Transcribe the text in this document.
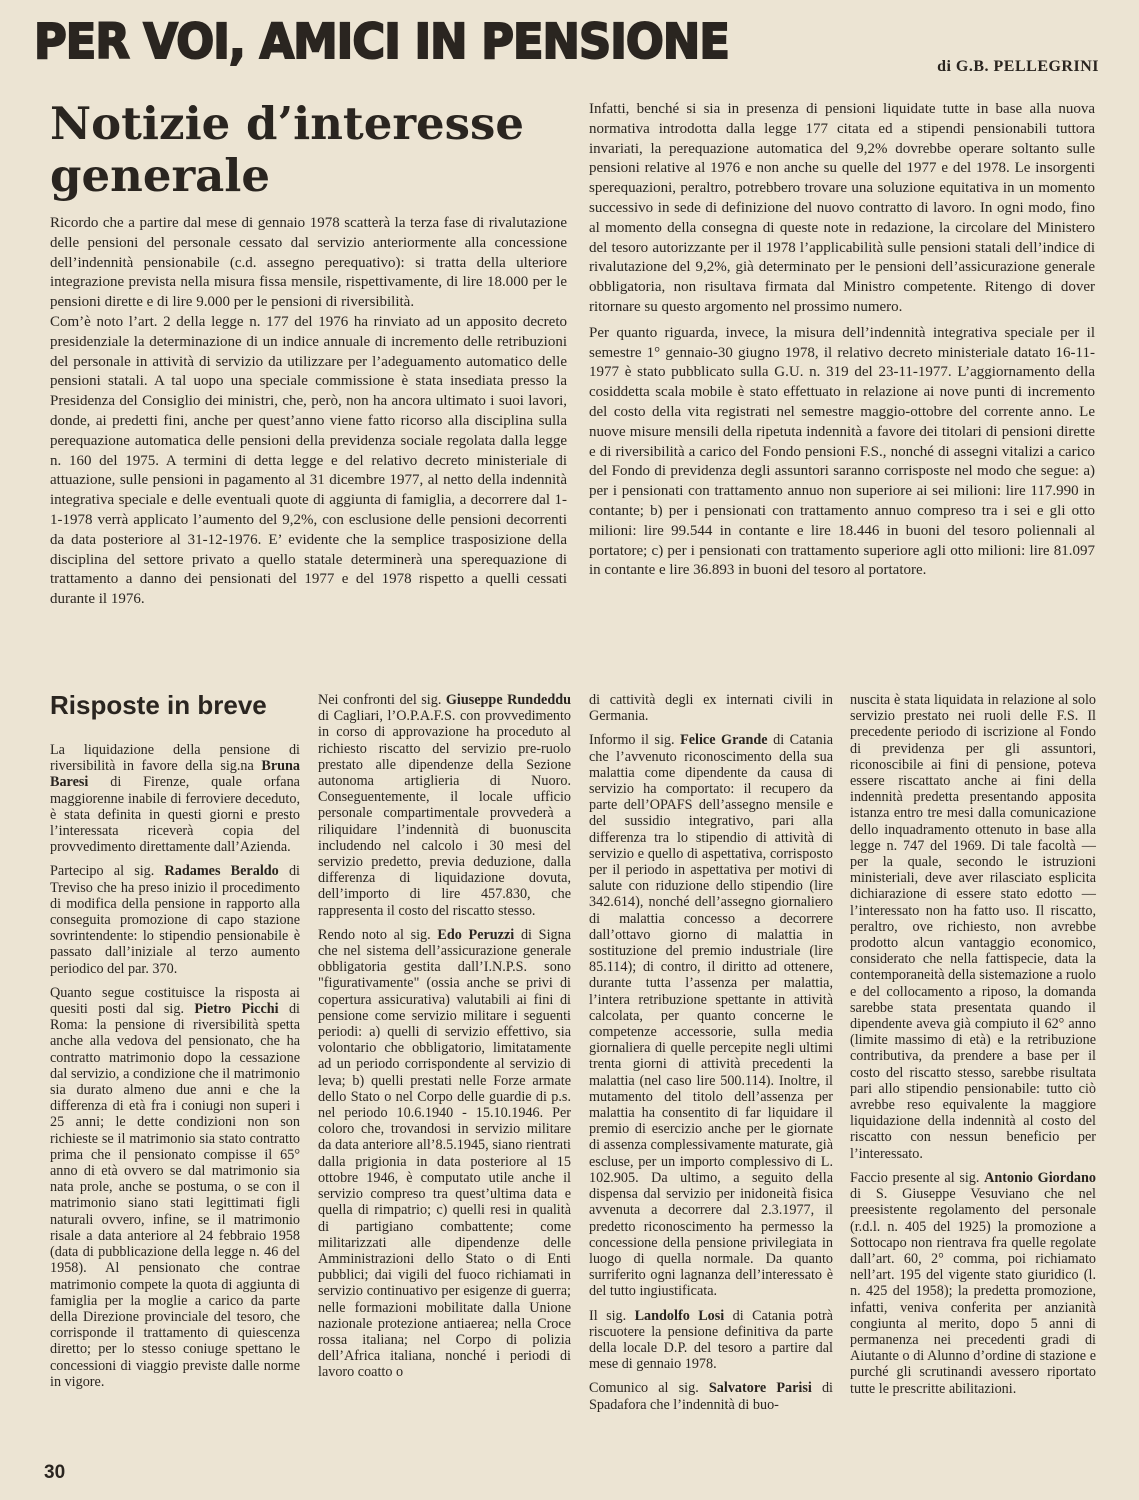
PER VOI, AMICI IN PENSIONE	di G.B. PELLEGRINI
Notizie d’interesse generale

Ricordo che a partire dal mese di gennaio 1978 scatterà la terza fase di rivalutazione delle pensioni del personale cessato dal servizio anteriormente alla concessione dell’indennità pensionabile (c.d. assegno perequativo): si tratta della ulteriore integrazione prevista nella misura fissa mensile, rispettivamente, di lire 18.000 per le pensioni dirette e di lire 9.000 per le pensioni di riversibilità.

Com’è noto l’art. 2 della legge n. 177 del 1976 ha rinviato ad un apposito decreto presidenziale la determinazione di un indice annuale di incremento delle retribuzioni del personale in attività di servizio da utilizzare per l’adeguamento automatico delle pensioni statali. A tal uopo una speciale commissione è stata insediata presso la Presidenza del Consiglio dei ministri, che, però, non ha ancora ultimato i suoi lavori, donde, ai predetti fini, anche per quest’anno viene fatto ricorso alla disciplina sulla perequazione automatica delle pensioni della previdenza sociale regolata dalla legge n. 160 del 1975. A termini di detta legge e del relativo decreto ministeriale di attuazione, sulle pensioni in pagamento al 31 dicembre 1977, al netto della indennità integrativa speciale e delle eventuali quote di aggiunta di famiglia, a decorrere dal 1-1-1978 verrà applicato l’aumento del 9,2%, con esclusione delle pensioni decorrenti da data posteriore al 31-12-1976. E’ evidente che la semplice trasposizione della disciplina del settore privato a quello statale determinerà una sperequazione di trattamento a danno dei pensionati del 1977 e del 1978 rispetto a quelli cessati durante il 1976.

Infatti, benché si sia in presenza di pensioni liquidate tutte in base alla nuova normativa introdotta dalla legge 177 citata ed a stipendi pensionabili tuttora invariati, la perequazione automatica del 9,2% dovrebbe operare soltanto sulle pensioni relative al 1976 e non anche su quelle del 1977 e del 1978. Le insorgenti sperequazioni, peraltro, potrebbero trovare una soluzione equitativa in un momento successivo in sede di definizione del nuovo contratto di lavoro. In ogni modo, fino al momento della consegna di queste note in redazione, la circolare del Ministero del tesoro autorizzante per il 1978 l’applicabilità sulle pensioni statali dell’indice di rivalutazione del 9,2%, già determinato per le pensioni dell’assicurazione generale obbligatoria, non risultava firmata dal Ministro competente. Ritengo di dover ritornare su questo argomento nel prossimo numero.

Per quanto riguarda, invece, la misura dell’indennità integrativa speciale per il semestre 1° gennaio-30 giugno 1978, il relativo decreto ministeriale datato 16-11-1977 è stato pubblicato sulla G.U. n. 319 del 23-11-1977. L’aggiornamento della cosiddetta scala mobile è stato effettuato in relazione ai nove punti di incremento del costo della vita registrati nel semestre maggio-ottobre del corrente anno. Le nuove misure mensili della ripetuta indennità a favore dei titolari di pensioni dirette e di riversibilità a carico del Fondo pensioni F.S., nonché di assegni vitalizi a carico del Fondo di previdenza degli assuntori saranno corrisposte nel modo che segue: a) per i pensionati con trattamento annuo non superiore ai sei milioni: lire 117.990 in contante; b) per i pensionati con trattamento annuo compreso tra i sei e gli otto milioni: lire 99.544 in contante e lire 18.446 in buoni del tesoro poliennali al portatore; c) per i pensionati con trattamento superiore agli otto milioni: lire 81.097 in contante e lire 36.893 in buoni del tesoro al portatore.

Risposte in breve

La liquidazione della pensione di riversibilità in favore della sig.na Bruna Baresi di Firenze, quale orfana maggiorenne inabile di ferroviere deceduto, è stata definita in questi giorni e presto l’interessata riceverà copia del provvedimento direttamente dall’Azienda.

Partecipo al sig. Radames Beraldo di Treviso che ha preso inizio il procedimento di modifica della pensione in rapporto alla conseguita promozione di capo stazione sovrintendente: lo stipendio pensionabile è passato dall’iniziale al terzo aumento periodico del par. 370.

Quanto segue costituisce la risposta ai quesiti posti dal sig. Pietro Picchi di Roma: la pensione di riversibilità spetta anche alla vedova del pensionato, che ha contratto matrimonio dopo la cessazione dal servizio, a condizione che il matrimonio sia durato almeno due anni e che la differenza di età fra i coniugi non superi i 25 anni; le dette condizioni non son richieste se il matrimonio sia stato contratto prima che il pensionato compisse il 65° anno di età ovvero se dal matrimonio sia nata prole, anche se postuma, o se con il matrimonio siano stati legittimati figli naturali ovvero, infine, se il matrimonio risale a data anteriore al 24 febbraio 1958 (data di pubblicazione della legge n. 46 del 1958). Al pensionato che contrae matrimonio compete la quota di aggiunta di famiglia per la moglie a carico da parte della Direzione provinciale del tesoro, che corrisponde il trattamento di quiescenza diretto; per lo stesso coniuge spettano le concessioni di viaggio previste dalle norme in vigore.

Nei confronti del sig. Giuseppe Rundeddu di Cagliari, l’O.P.A.F.S. con provvedimento in corso di approvazione ha proceduto al richiesto riscatto del servizio pre-ruolo prestato alle dipendenze della Sezione autonoma artiglieria di Nuoro. Conseguentemente, il locale ufficio personale compartimentale provvederà a riliquidare l’indennità di buonuscita includendo nel calcolo i 30 mesi del servizio predetto, previa deduzione, dalla differenza di liquidazione dovuta, dell’importo di lire 457.830, che rappresenta il costo del riscatto stesso.

Rendo noto al sig. Edo Peruzzi di Signa che nel sistema dell’assicurazione generale obbligatoria gestita dall’I.N.P.S. sono "figurativamente" (ossia anche se privi di copertura assicurativa) valutabili ai fini di pensione come servizio militare i seguenti periodi: a) quelli di servizio effettivo, sia volontario che obbligatorio, limitatamente ad un periodo corrispondente al servizio di leva; b) quelli prestati nelle Forze armate dello Stato o nel Corpo delle guardie di p.s. nel periodo 10.6.1940 - 15.10.1946. Per coloro che, trovandosi in servizio militare da data anteriore all’8.5.1945, siano rientrati dalla prigionia in data posteriore al 15 ottobre 1946, è computato utile anche il servizio compreso tra quest’ultima data e quella di rimpatrio; c) quelli resi in qualità di partigiano combattente; come militarizzati alle dipendenze delle Amministrazioni dello Stato o di Enti pubblici; dai vigili del fuoco richiamati in servizio continuativo per esigenze di guerra; nelle formazioni mobilitate dalla Unione nazionale protezione antiaerea; nella Croce rossa italiana; nel Corpo di polizia dell’Africa italiana, nonché i periodi di lavoro coatto o

di cattività degli ex internati civili in Germania.

Informo il sig. Felice Grande di Catania che l’avvenuto riconoscimento della sua malattia come dipendente da causa di servizio ha comportato: il recupero da parte dell’OPAFS dell’assegno mensile e del sussidio integrativo, pari alla differenza tra lo stipendio di attività di servizio e quello di aspettativa, corrisposto per il periodo in aspettativa per motivi di salute con riduzione dello stipendio (lire 342.614), nonché dell’assegno giornaliero di malattia concesso a decorrere dall’ottavo giorno di malattia in sostituzione del premio industriale (lire 85.114); di contro, il diritto ad ottenere, durante tutta l’assenza per malattia, l’intera retribuzione spettante in attività calcolata, per quanto concerne le competenze accessorie, sulla media giornaliera di quelle percepite negli ultimi trenta giorni di attività precedenti la malattia (nel caso lire 500.114). Inoltre, il mutamento del titolo dell’assenza per malattia ha consentito di far liquidare il premio di esercizio anche per le giornate di assenza complessivamente maturate, già escluse, per un importo complessivo di L. 102.905. Da ultimo, a seguito della dispensa dal servizio per inidoneità fisica avvenuta a decorrere dal 2.3.1977, il predetto riconoscimento ha permesso la concessione della pensione privilegiata in luogo di quella normale. Da quanto surriferito ogni lagnanza dell’interessato è del tutto ingiustificata.

Il sig. Landolfo Losi di Catania potrà riscuotere la pensione definitiva da parte della locale D.P. del tesoro a partire dal mese di gennaio 1978.

Comunico al sig. Salvatore Parisi di Spadafora che l’indennità di buo-

nuscita è stata liquidata in relazione al solo servizio prestato nei ruoli delle F.S. Il precedente periodo di iscrizione al Fondo di previdenza per gli assuntori, riconoscibile ai fini di pensione, poteva essere riscattato anche ai fini della indennità predetta presentando apposita istanza entro tre mesi dalla comunicazione dello inquadramento ottenuto in base alla legge n. 747 del 1969. Di tale facoltà — per la quale, secondo le istruzioni ministeriali, deve aver rilasciato esplicita dichiarazione di essere stato edotto — l’interessato non ha fatto uso. Il riscatto, peraltro, ove richiesto, non avrebbe prodotto alcun vantaggio economico, considerato che nella fattispecie, data la contemporaneità della sistemazione a ruolo e del collocamento a riposo, la domanda sarebbe stata presentata quando il dipendente aveva già compiuto il 62° anno (limite massimo di età) e la retribuzione contributiva, da prendere a base per il costo del riscatto stesso, sarebbe risultata pari allo stipendio pensionabile: tutto ciò avrebbe reso equivalente la maggiore liquidazione della indennità al costo del riscatto con nessun beneficio per l’interessato.

Faccio presente al sig. Antonio Giordano di S. Giuseppe Vesuviano che nel preesistente regolamento del personale (r.d.l. n. 405 del 1925) la promozione a Sottocapo non rientrava fra quelle regolate dall’art. 60, 2° comma, poi richiamato nell’art. 195 del vigente stato giuridico (l. n. 425 del 1958); la predetta promozione, infatti, veniva conferita per anzianità congiunta al merito, dopo 5 anni di permanenza nei precedenti gradi di Aiutante o di Alunno d’ordine di stazione e purché gli scrutinandi avessero riportato tutte le prescritte abilitazioni.

30
